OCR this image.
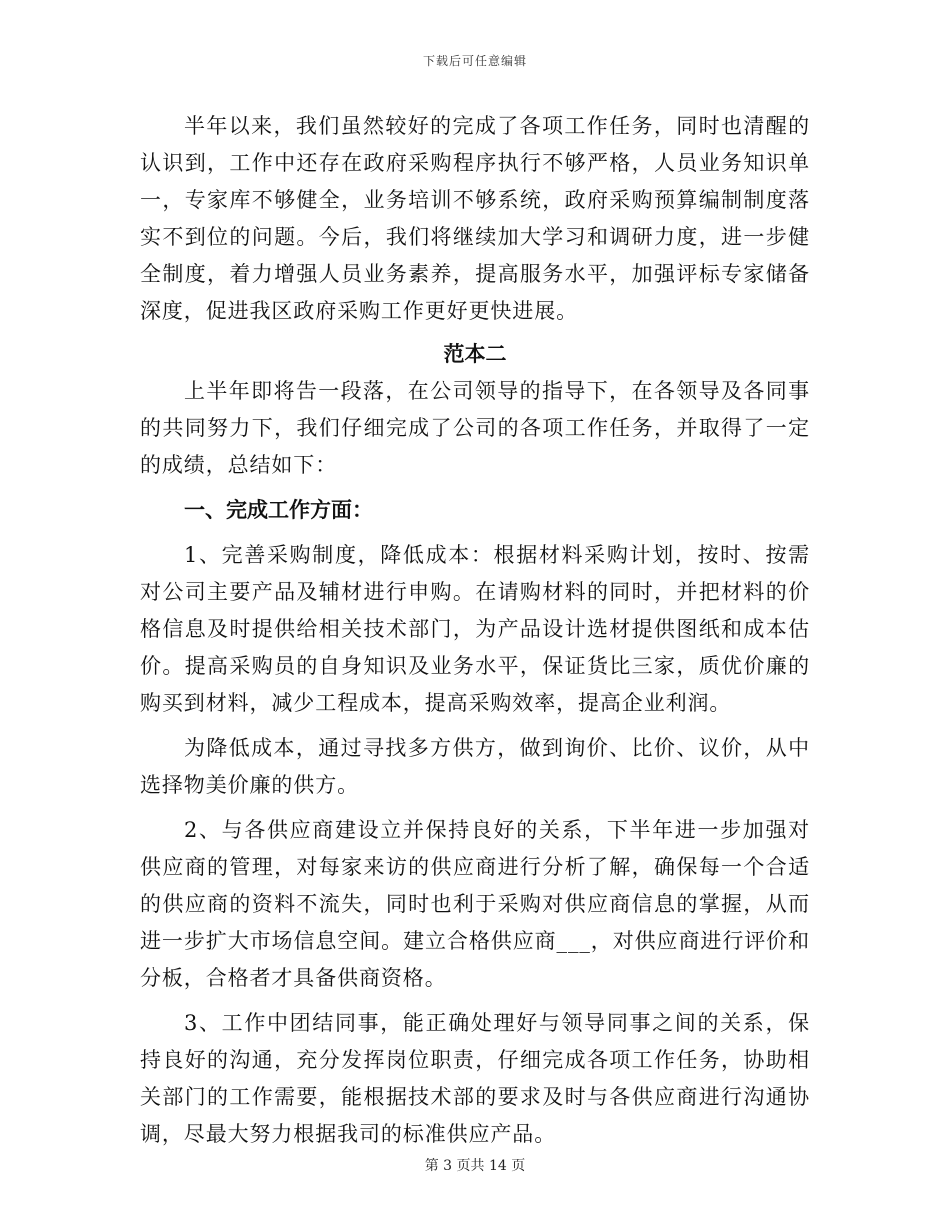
下载后可任意编辑

半年以来，我们虽然较好的完成了各项工作任务，同时也清醒的认识到，工作中还存在政府采购程序执行不够严格，人员业务知识单一，专家库不够健全，业务培训不够系统，政府采购预算编制制度落实不到位的问题。今后，我们将继续加大学习和调研力度，进一步健全制度，着力增强人员业务素养，提高服务水平，加强评标专家储备深度，促进我区政府采购工作更好更快进展。

范本二

上半年即将告一段落，在公司领导的指导下，在各领导及各同事的共同努力下，我们仔细完成了公司的各项工作任务，并取得了一定的成绩，总结如下：

一、完成工作方面：

1、完善采购制度，降低成本：根据材料采购计划，按时、按需对公司主要产品及辅材进行申购。在请购材料的同时，并把材料的价格信息及时提供给相关技术部门，为产品设计选材提供图纸和成本估价。提高采购员的自身知识及业务水平，保证货比三家，质优价廉的购买到材料，减少工程成本，提高采购效率，提高企业利润。

为降低成本，通过寻找多方供方，做到询价、比价、议价，从中选择物美价廉的供方。

2、与各供应商建设立并保持良好的关系，下半年进一步加强对供应商的管理，对每家来访的供应商进行分析了解，确保每一个合适的供应商的资料不流失，同时也利于采购对供应商信息的掌握，从而进一步扩大市场信息空间。建立合格供应商___，对供应商进行评价和分板，合格者才具备供商资格。

3、工作中团结同事，能正确处理好与领导同事之间的关系，保持良好的沟通，充分发挥岗位职责，仔细完成各项工作任务，协助相关部门的工作需要，能根据技术部的要求及时与各供应商进行沟通协调，尽最大努力根据我司的标准供应产品。

第 3 页共 14 页
